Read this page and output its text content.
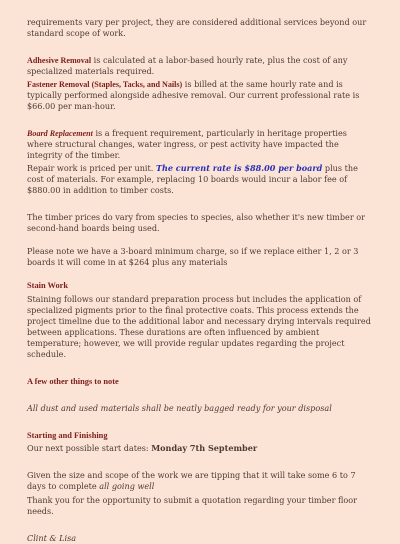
requirements vary per project, they are considered additional services beyond our standard scope of work.

Adhesive Removal is calculated at a labor-based hourly rate, plus the cost of any specialized materials required.

Fastener Removal (Staples, Tacks, and Nails) is billed at the same hourly rate and is typically performed alongside adhesive removal. Our current professional rate is $66.00 per man-hour.

Board Replacement is a frequent requirement, particularly in heritage properties where structural changes, water ingress, or pest activity have impacted the integrity of the timber.

Repair work is priced per unit. The current rate is $88.00 per board plus the cost of materials. For example, replacing 10 boards would incur a labor fee of $880.00 in addition to timber costs.

The timber prices do vary from species to species, also whether it's new timber or second-hand boards being used.

Please note we have a 3-board minimum charge, so if we replace either 1, 2 or 3 boards it will come in at $264 plus any materials

Stain Work

Staining follows our standard preparation process but includes the application of specialized pigments prior to the final protective coats. This process extends the project timeline due to the additional labor and necessary drying intervals required between applications. These durations are often influenced by ambient temperature; however, we will provide regular updates regarding the project schedule.

A few other things to note

All dust and used materials shall be neatly bagged ready for your disposal

Starting and Finishing

Our next possible start dates: Monday 7th September

Given the size and scope of the work we are tipping that it will take some 6 to 7 days to complete all going well

Thank you for the opportunity to submit a quotation regarding your timber floor needs.

Clint & Lisa
